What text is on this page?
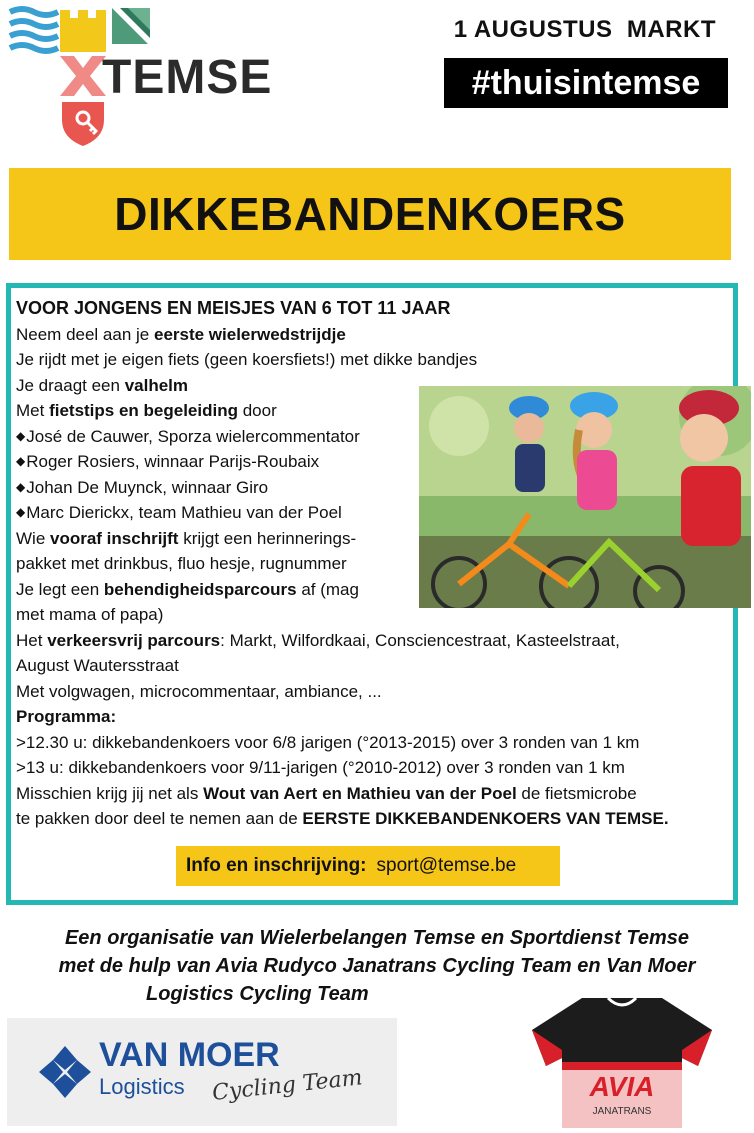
TEMSE
1 AUGUSTUS  MARKT
#thuisintemse
DIKKEBANDENKOERS
VOOR JONGENS EN MEISJES VAN 6 TOT 11 JAAR
Neem deel aan je eerste wielerwedstrijdje
Je rijdt met je eigen fiets (geen koersfiets!) met dikke bandjes
Je draagt een valhelm
Met fietstips en begeleiding door
◆José de Cauwer, Sporza wielercommentator
◆Roger Rosiers, winnaar Parijs-Roubaix
◆Johan De Muynck, winnaar Giro
◆Marc Dierickx, team Mathieu van der Poel
Wie vooraf inschrijft krijgt een herinnerings-
pakket met drinkbus, fluo hesje, rugnummer
Je legt een behendigheidsparcours af (mag
met mama of papa)
Het verkeersvrij parcours: Markt, Wilfordkaai, Consciencestraat, Kasteelstraat,
August Wautersstraat
Met volgwagen, microcommentaar, ambiance, ...
Programma:
>12.30 u: dikkebandenkoers voor 6/8 jarigen (°2013-2015) over 3 ronden van 1 km
>13 u: dikkebandenkoers voor 9/11-jarigen (°2010-2012) over 3 ronden van 1 km
Misschien krijg jij net als Wout van Aert en Mathieu van der Poel de fietsmicrobe
te pakken door deel te nemen aan de EERSTE DIKKEBANDENKOERS VAN TEMSE.
Info en inschrijving: sport@temse.be
Een organisatie van Wielerbelangen Temse en Sportdienst Temse
met de hulp van Avia Rudyco Janatrans Cycling Team en Van Moer
Logistics Cycling Team
VAN MOER
Logistics Cycling Team	AVIA
JANATRANS
